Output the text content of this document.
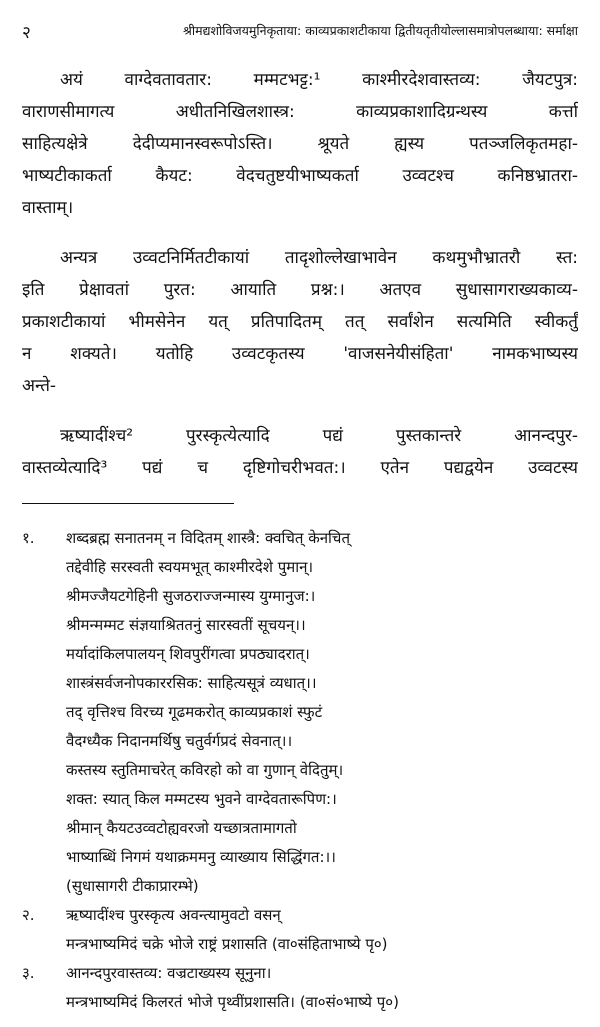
२	श्रीमद्यशोविजयमुनिकृताया: काव्यप्रकाशटीकाया द्वितीयतृतीयोल्लासमात्रोपलब्धाया: सर्माक्षा
अयं वाग्देवतावतार: मम्मटभट्ट:¹ काश्मीरदेशवास्तव्य: जैयटपुत्र:
वाराणसीमागत्य अधीतनिखिलशास्त्र: काव्यप्रकाशादिग्रन्थस्य कर्त्ता
साहित्यक्षेत्रे देदीप्यमानस्वरूपोऽस्ति। श्रूयते ह्यस्य पतञ्जलिकृतमहा-
भाष्यटीकाकर्ता कैयट: वेदचतुष्टयीभाष्यकर्ता उव्वटश्च कनिष्ठभ्रातरा-
वास्ताम्।
अन्यत्र उव्वटनिर्मितटीकायां तादृशोल्लेखाभावेन कथमुभौभ्रातरौ स्त:
इति प्रेक्षावतां पुरत: आयाति प्रश्न:। अतएव सुधासागराख्यकाव्य-
प्रकाशटीकायां भीमसेनेन यत् प्रतिपादितम् तत् सर्वांशेन सत्यमिति स्वीकर्तुं
न शक्यते। यतोहि उव्वटकृतस्य 'वाजसनेयीसंहिता' नामकभाष्यस्य
अन्ते-
ऋष्यादींश्च² पुरस्कृत्येत्यादि पद्यं पुस्तकान्तरे आनन्दपुर-
वास्तव्येत्यादि³ पद्यं च दृष्टिगोचरीभवत:। एतेन पद्यद्वयेन उव्वटस्य
१. शब्दब्रह्म सनातनम् न विदितम् शास्त्रै: क्वचित् केनचित्
तद्देवीहि सरस्वती स्वयमभूत् काश्मीरदेशे पुमान्।
श्रीमज्जैयटगेहिनी सुजठराज्जन्मास्य युग्मानुज:।
श्रीमन्मम्मट संज्ञयाश्रिततनुं सारस्वतीं सूचयन्।।
मर्यादांकिलपालयन् शिवपुरींगत्वा प्रपठ्यादरात्।
शास्त्रंसर्वजनोपकाररसिक: साहित्यसूत्रं व्यधात्।।
तद् वृत्तिश्च विरच्य गूढमकरोत् काव्यप्रकाशं स्फुटं
वैदग्ध्यैक निदानमर्थिषु चतुर्वर्गप्रदं सेवनात्।।
कस्तस्य स्तुतिमाचरेत् कविरहो को वा गुणान् वेदितुम्।
शक्त: स्यात् किल मम्मटस्य भुवने वाग्देवतारूपिण:।
श्रीमान् कैयटउव्वटोह्यवरजो यच्छात्रतामागतो
भाष्याब्धिं निगमं यथाक्रममनु व्याख्याय सिद्धिंगत:।।
(सुधासागरी टीकाप्रारम्भे)
२. ऋष्यादींश्च पुरस्कृत्य अवन्त्यामुवटो वसन्
मन्त्रभाष्यमिदं चक्रे भोजे राष्ट्रं प्रशासति (वा०संहिताभाष्ये पृ०)
३. आनन्दपुरवास्तव्य: वज्रटाख्यस्य सूनुना।
मन्त्रभाष्यमिदं किलरतं भोजे पृथ्वींप्रशासति। (वा०सं०भाष्ये पृ०)
